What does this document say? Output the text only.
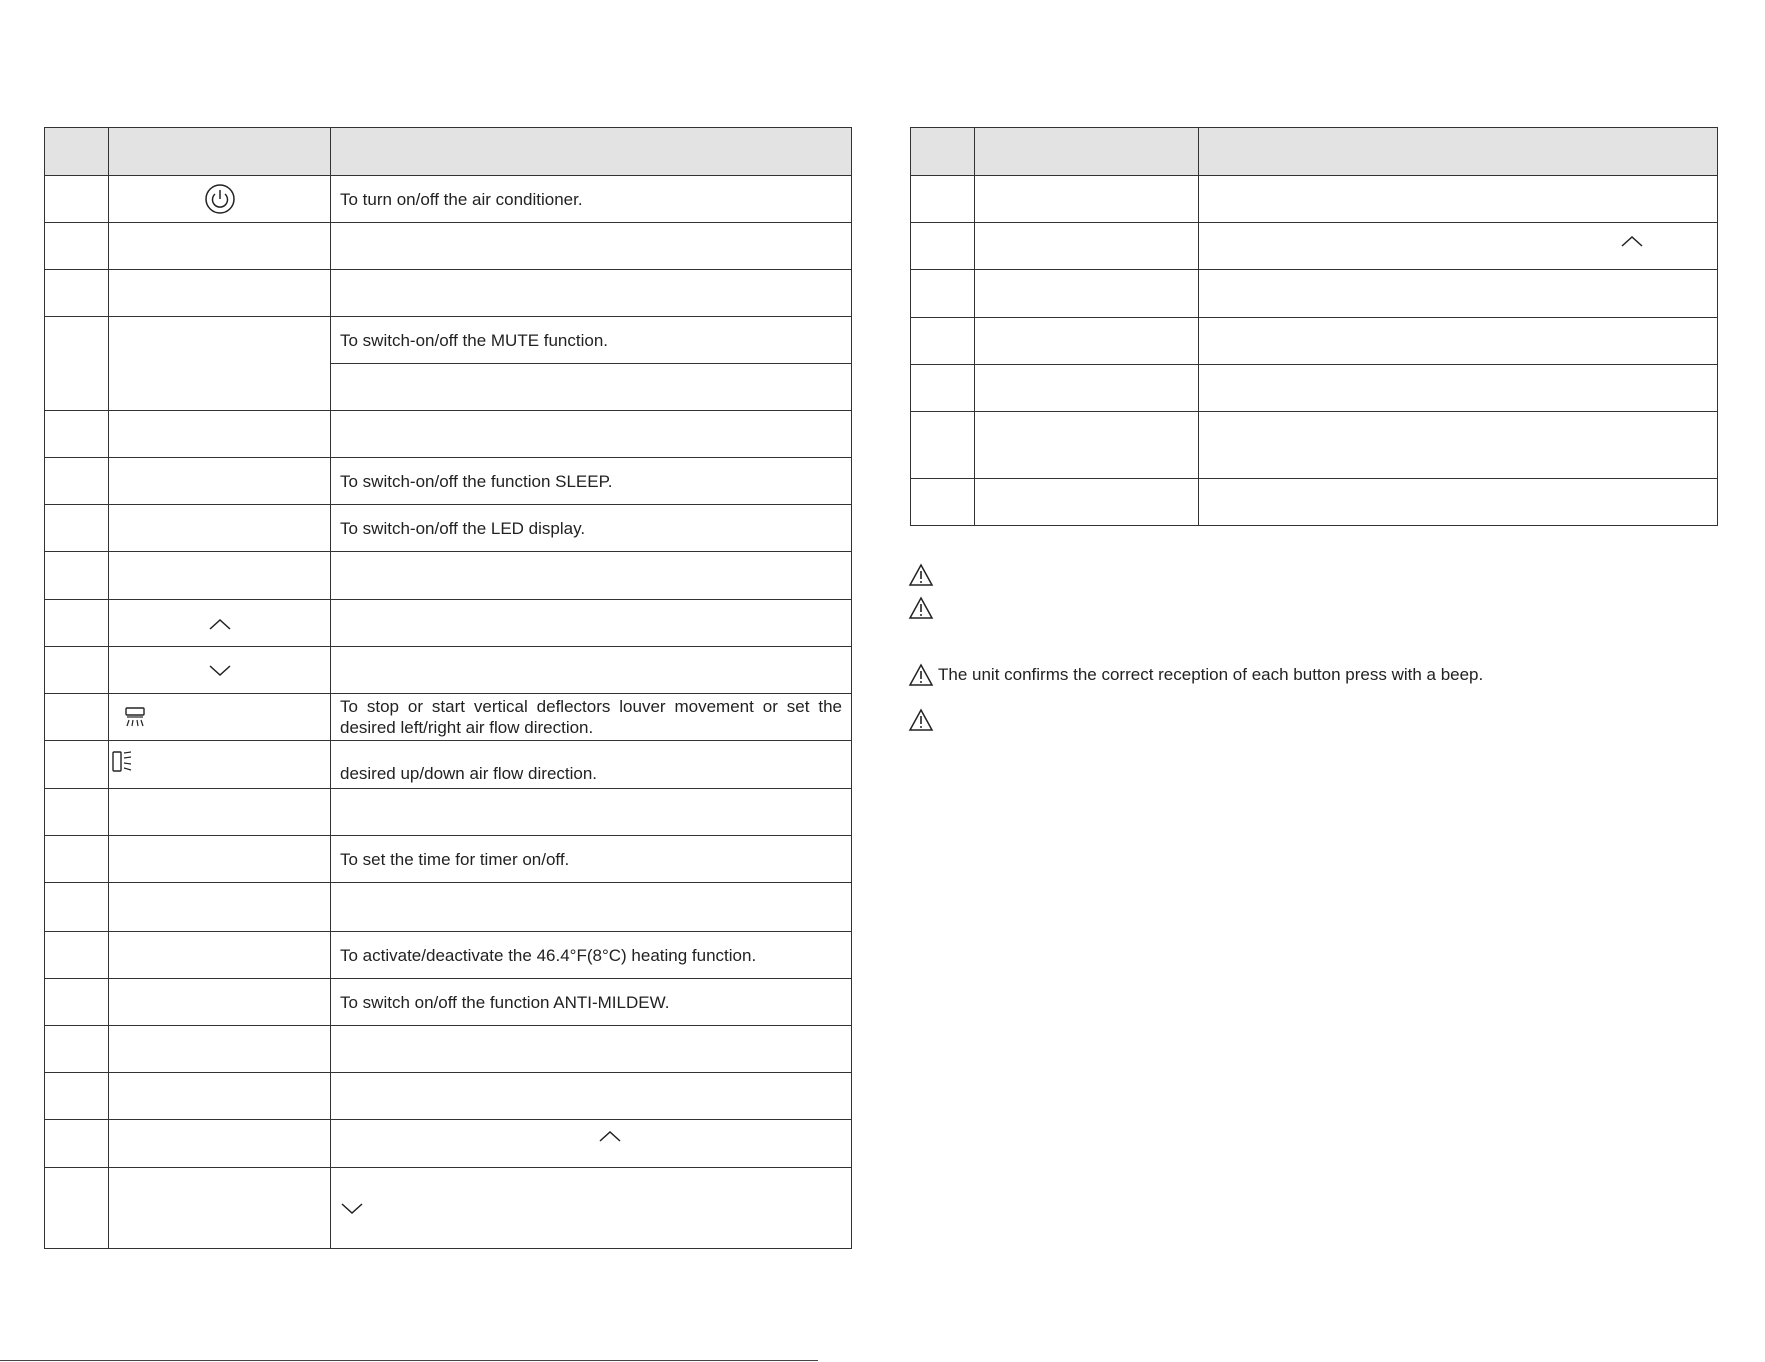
		To turn on/off the air conditioner.

		To switch-on/off the MUTE function.

		To switch-on/off the function SLEEP.
		To switch-on/off the LED display.

		To stop or start vertical deflectors louver movement or set the desired left/right air flow direction.
		desired up/down air flow direction.

		To set the time for timer on/off.

		To activate/deactivate the 46.4°F(8°C) heating function.
		To switch on/off the function ANTI-MILDEW.

The unit confirms the correct reception of each button press with a beep.
